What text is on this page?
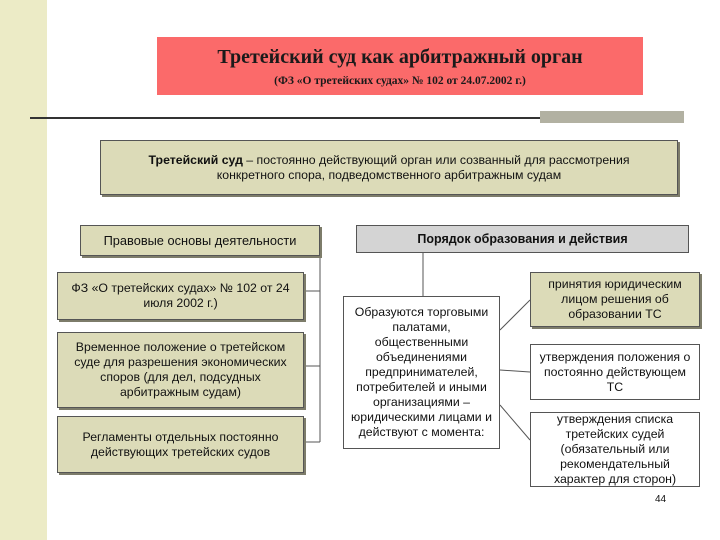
Третейский суд как арбитражный орган
(ФЗ «О третейских судах» № 102 от 24.07.2002 г.)
Третейский суд – постоянно действующий орган или созванный для рассмотрения конкретного спора, подведомственного арбитражным судам
Правовые основы деятельности
ФЗ «О третейских судах» № 102 от 24 июля 2002 г.)
Временное положение о третейском суде для разрешения экономических споров (для дел, подсудных арбитражным судам)
Регламенты отдельных постоянно действующих третейских судов
Порядок образования и действия
Образуются торговыми палатами, общественными объединениями предпринимателей, потребителей и иными организациями – юридическими лицами и действуют с момента:
принятия юридическим лицом решения об образовании ТС
утверждения положения о постоянно действующем ТС
утверждения списка третейских судей (обязательный или рекомендательный характер для сторон)
44
